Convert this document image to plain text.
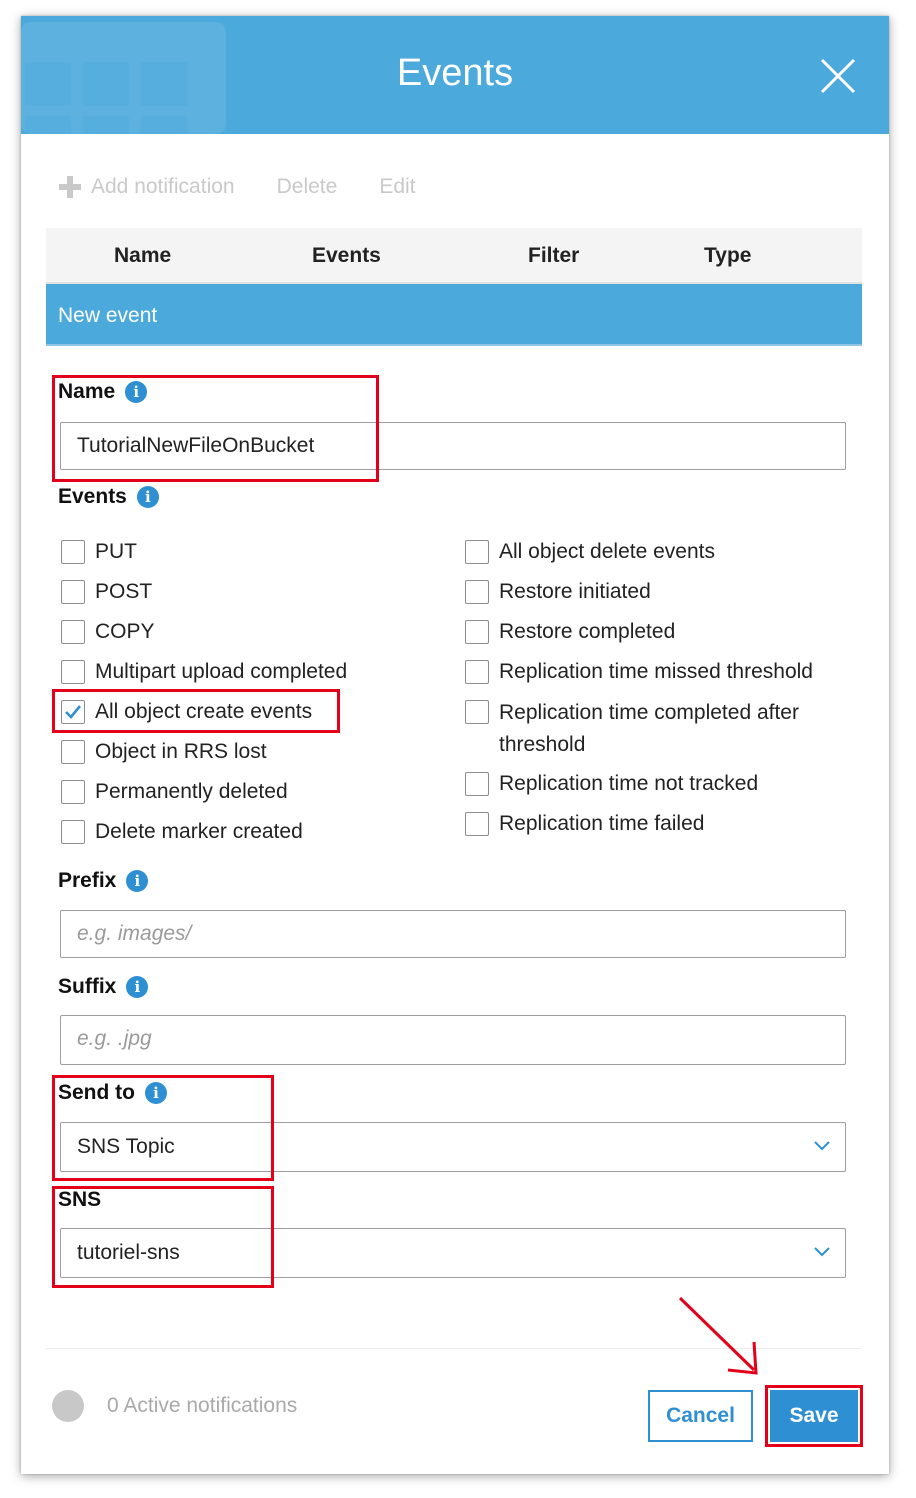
Events
Add notification Delete Edit
Name	Events	Filter	Type
New event
Name	i
TutorialNewFileOnBucket
Events	i
PUT
POST
COPY
Multipart upload completed
All object create events
Object in RRS lost
Permanently deleted
Delete marker created
All object delete events
Restore initiated
Restore completed
Replication time missed threshold
Replication time completed after threshold
Replication time not tracked
Replication time failed
Prefix	i
e.g. images/
Suffix	i
e.g. .jpg
Send to	i
SNS Topic
SNS
tutoriel-sns
0 Active notifications	Cancel	Save
